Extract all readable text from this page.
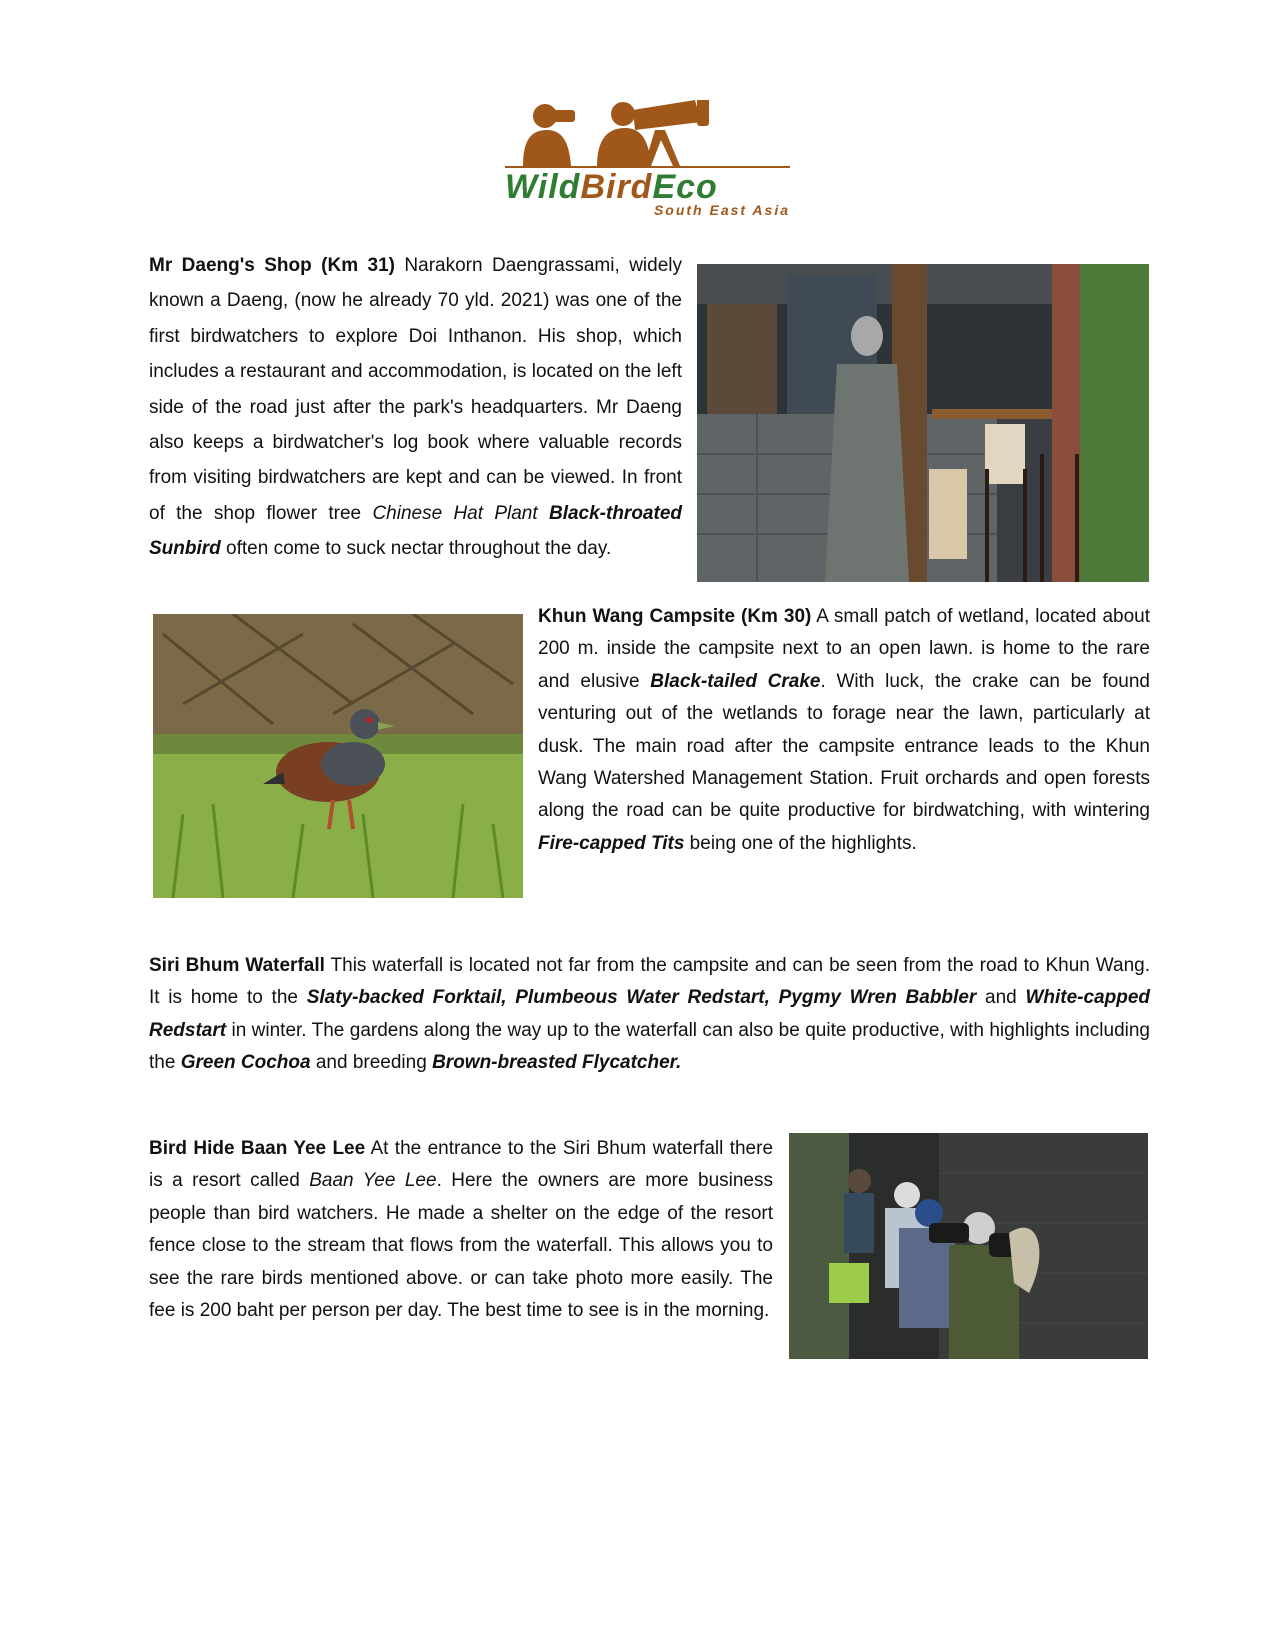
WildBirdEco
South East Asia

Mr Daeng's Shop (Km 31) Narakorn Daengrassami, widely known a Daeng, (now he already 70 yld. 2021) was one of the first birdwatchers to explore Doi Inthanon. His shop, which includes a restaurant and accommodation, is located on the left side of the road just after the park's headquarters. Mr Daeng also keeps a birdwatcher's log book where valuable records from visiting birdwatchers are kept and can be viewed. In front of the shop flower tree Chinese Hat Plant Black-throated Sunbird often come to suck nectar throughout the day.

Khun Wang Campsite (Km 30) A small patch of wetland, located about 200 m. inside the campsite next to an open lawn. is home to the rare and elusive Black-tailed Crake. With luck, the crake can be found venturing out of the wetlands to forage near the lawn, particularly at dusk. The main road after the campsite entrance leads to the Khun Wang Watershed Management Station. Fruit orchards and open forests along the road can be quite productive for birdwatching, with wintering Fire-capped Tits being one of the highlights.

Siri Bhum Waterfall This waterfall is located not far from the campsite and can be seen from the road to Khun Wang. It is home to the Slaty-backed Forktail, Plumbeous Water Redstart, Pygmy Wren Babbler and White-capped Redstart in winter. The gardens along the way up to the waterfall can also be quite productive, with highlights including the Green Cochoa and breeding Brown-breasted Flycatcher.

Bird Hide Baan Yee Lee At the entrance to the Siri Bhum waterfall there is a resort called Baan Yee Lee. Here the owners are more business people than bird watchers. He made a shelter on the edge of the resort fence close to the stream that flows from the waterfall. This allows you to see the rare birds mentioned above. or can take photo more easily. The fee is 200 baht per person per day. The best time to see is in the morning.
